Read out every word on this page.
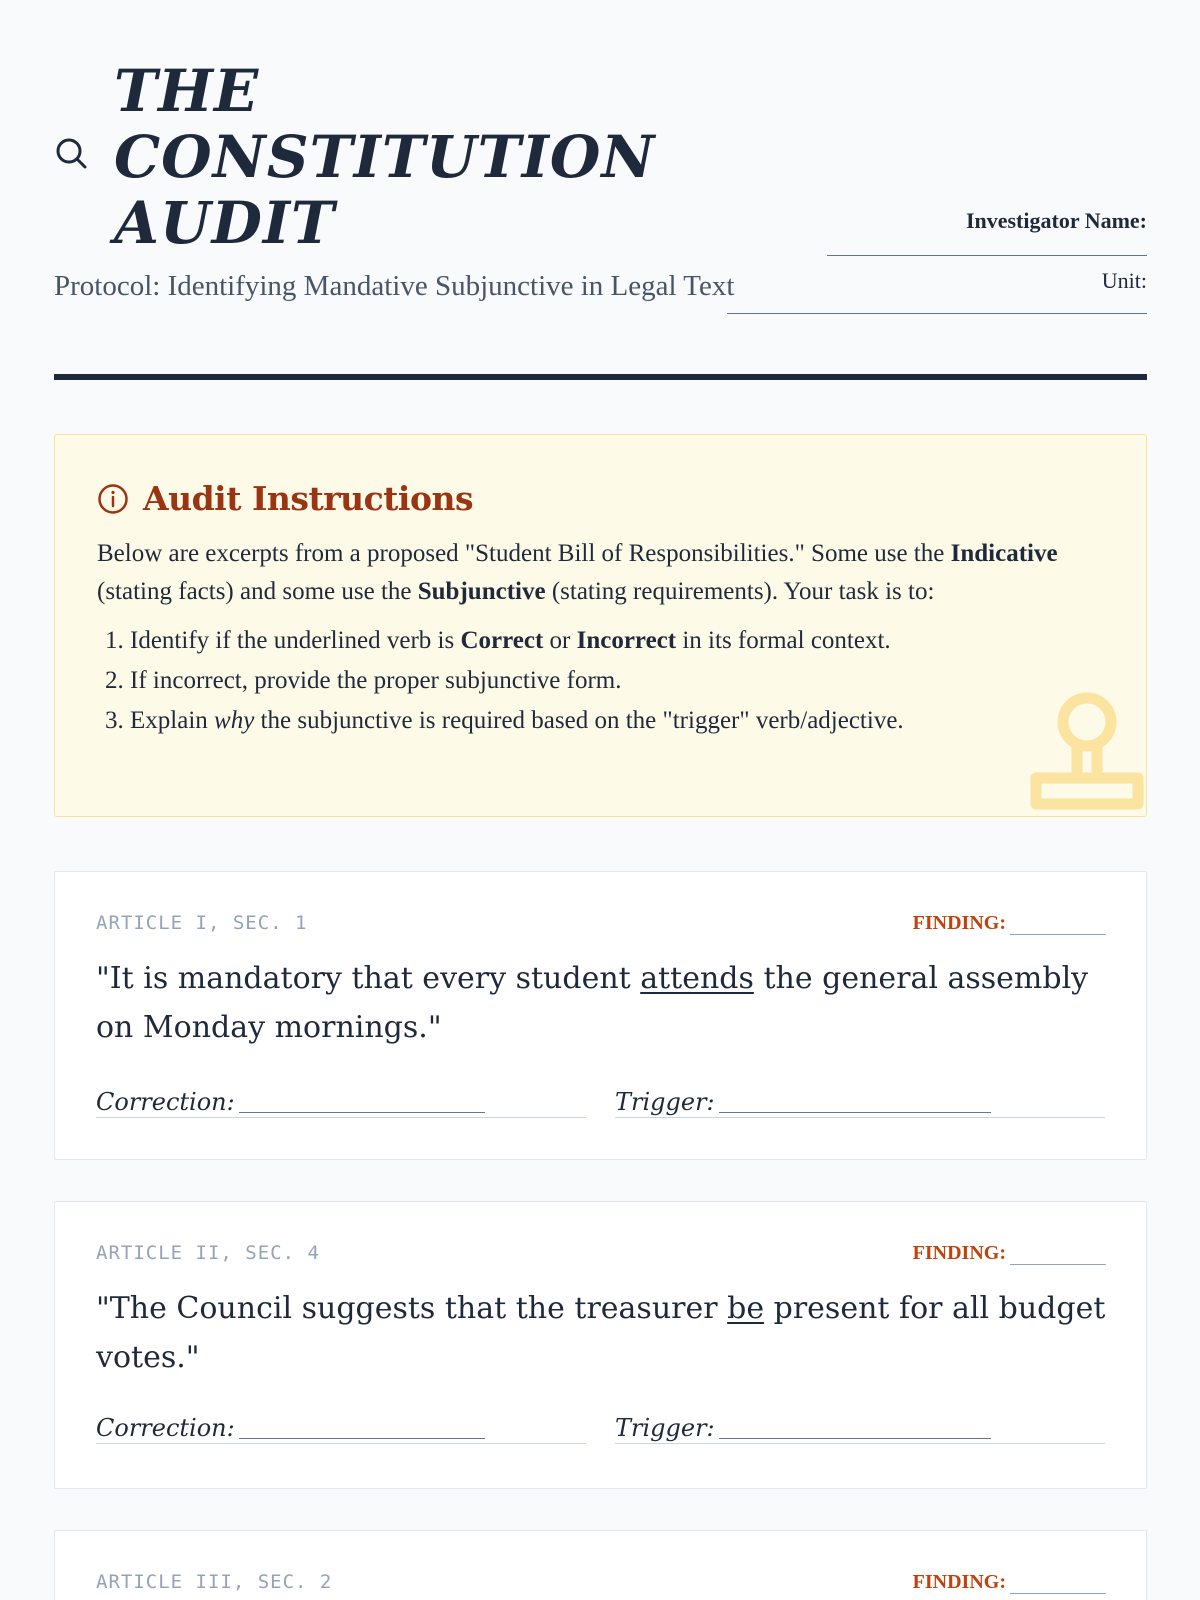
THE
CONSTITUTION
AUDIT
Protocol: Identifying Mandative Subjunctive in Legal Text
Investigator Name:
Unit:
Audit Instructions

Below are excerpts from a proposed "Student Bill of Responsibilities." Some use the Indicative (stating facts) and some use the Subjunctive (stating requirements). Your task is to:

1. Identify if the underlined verb is Correct or Incorrect in its formal context.
2. If incorrect, provide the proper subjunctive form.
3. Explain why the subjunctive is required based on the "trigger" verb/adjective.
ARTICLE I, SEC. 1	FINDING:
"It is mandatory that every student attends the general assembly on Monday mornings."
Correction:	Trigger:
ARTICLE II, SEC. 4	FINDING:
"The Council suggests that the treasurer be present for all budget votes."
Correction:	Trigger:
ARTICLE III, SEC. 2	FINDING:
